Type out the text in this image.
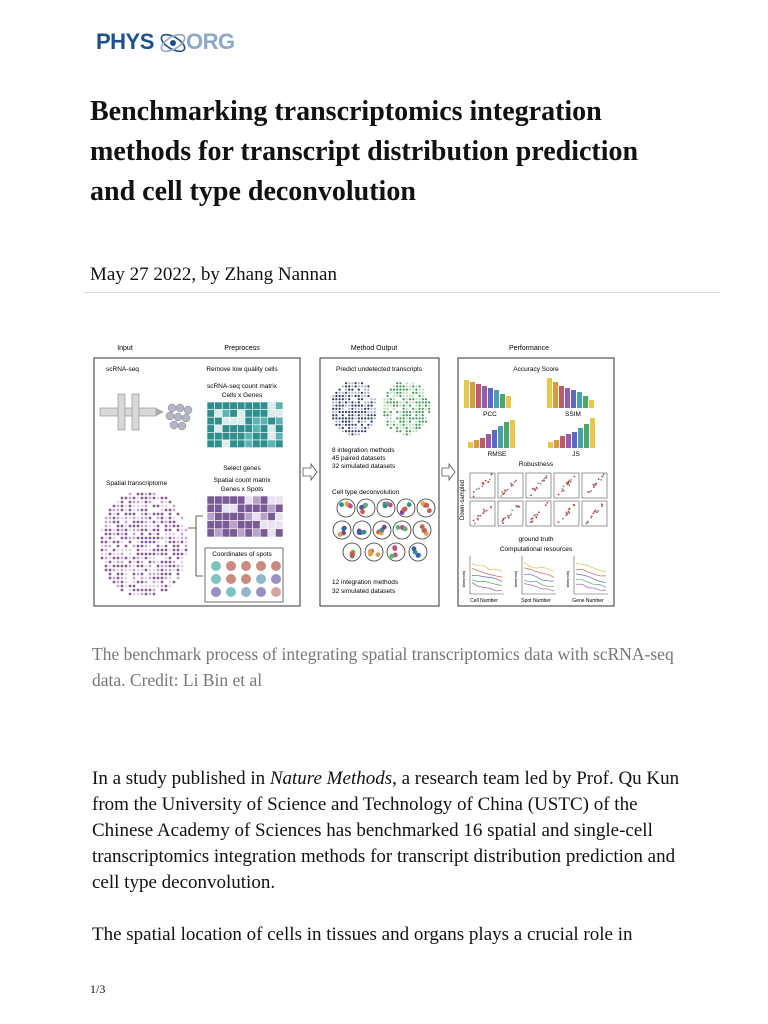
PHYS ORG
Benchmarking transcriptomics integration methods for transcript distribution prediction and cell type deconvolution
May 27 2022, by Zhang Nannan
Input	Preprocess	Method Output	Performance
scRNA-seq
Spatial transcriptome
Remove low quality cells
scRNA-seq count matrix
Cells x Genes
Select genes
Spatial count matrix
Genes x Spots
Coordinates of spots
Predict undetected transcripts
8 integration methods
45 paired datasets
32 simulated datasets
Cell type deconvolution
12 integration methods
32 simulated datasets
Accuracy Score
PCC	SSIM
RMSE	JS
Robustness
Down-sampled
ground truth
Computational resources
Cell Number	Spot Number	Gene Number
time(min)	time(min)	time(min)
The benchmark process of integrating spatial transcriptomics data with scRNA-seq data. Credit: Li Bin et al

In a study published in Nature Methods, a research team led by Prof. Qu Kun from the University of Science and Technology of China (USTC) of the Chinese Academy of Sciences has benchmarked 16 spatial and single-cell transcriptomics integration methods for transcript distribution prediction and cell type deconvolution.

The spatial location of cells in tissues and organs plays a crucial role in

1/3
